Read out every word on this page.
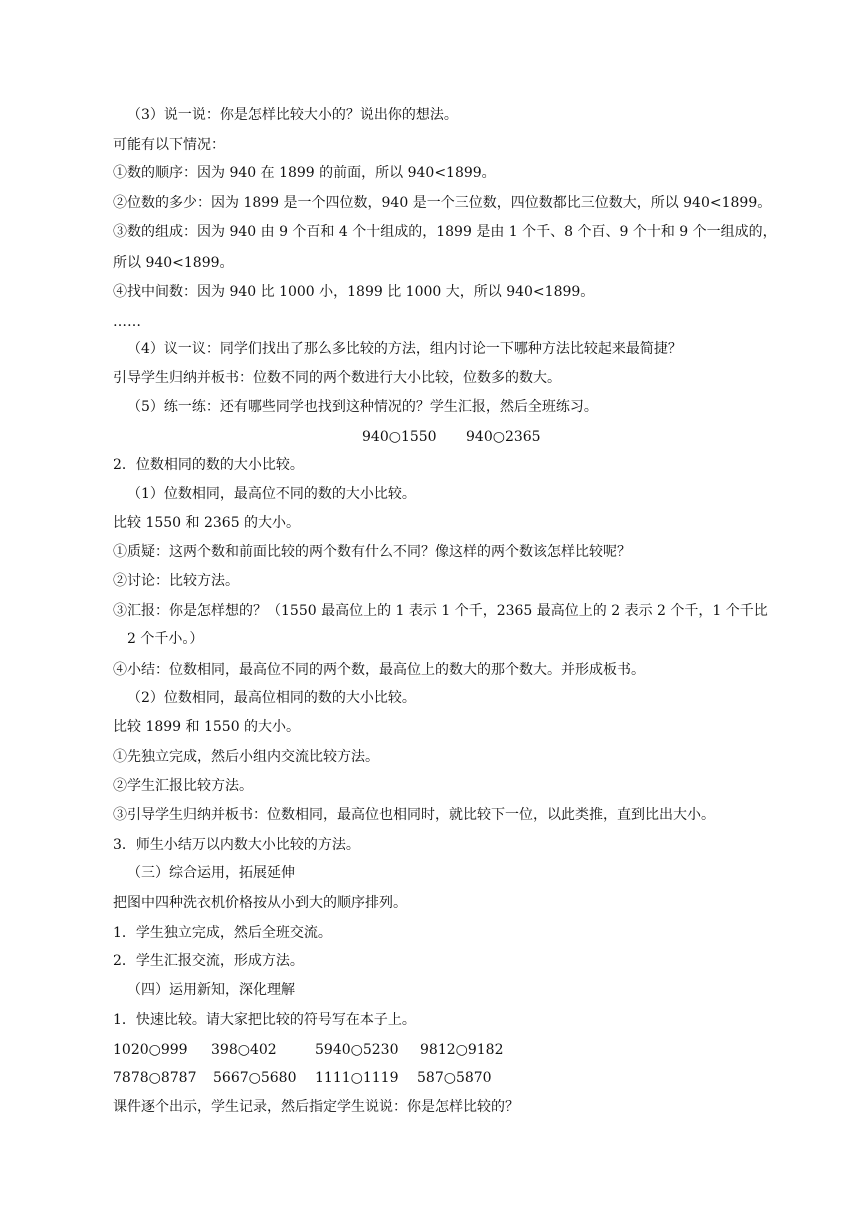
（3）说一说：你是怎样比较大小的？说出你的想法。
可能有以下情况：
①数的顺序：因为 940 在 1899 的前面，所以 940<1899。
②位数的多少：因为 1899 是一个四位数，940 是一个三位数，四位数都比三位数大，所以 940<1899。
③数的组成：因为 940 由 9 个百和 4 个十组成的，1899 是由 1 个千、8 个百、9 个十和 9 个一组成的，
所以 940<1899。
④找中间数：因为 940 比 1000 小，1899 比 1000 大，所以 940<1899。
……
（4）议一议：同学们找出了那么多比较的方法，组内讨论一下哪种方法比较起来最简捷？
引导学生归纳并板书：位数不同的两个数进行大小比较，位数多的数大。
（5）练一练：还有哪些同学也找到这种情况的？学生汇报，然后全班练习。
940○1550 940○2365
2．位数相同的数的大小比较。
（1）位数相同，最高位不同的数的大小比较。
比较 1550 和 2365 的大小。
①质疑：这两个数和前面比较的两个数有什么不同？像这样的两个数该怎样比较呢？
②讨论：比较方法。
③汇报：你是怎样想的？（1550 最高位上的 1 表示 1 个千，2365 最高位上的 2 表示 2 个千，1 个千比
2 个千小。）
④小结：位数相同，最高位不同的两个数，最高位上的数大的那个数大。并形成板书。
（2）位数相同，最高位相同的数的大小比较。
比较 1899 和 1550 的大小。
①先独立完成，然后小组内交流比较方法。
②学生汇报比较方法。
③引导学生归纳并板书：位数相同，最高位也相同时，就比较下一位，以此类推，直到比出大小。
3．师生小结万以内数大小比较的方法。
（三）综合运用，拓展延伸
把图中四种洗衣机价格按从小到大的顺序排列。
1．学生独立完成，然后全班交流。
2．学生汇报交流，形成方法。
（四）运用新知，深化理解
1．快速比较。请大家把比较的符号写在本子上。
1020○999 398○402	5940○5230 9812○9182
7878○8787 5667○5680 1111○1119 587○5870
课件逐个出示，学生记录，然后指定学生说说：你是怎样比较的？
